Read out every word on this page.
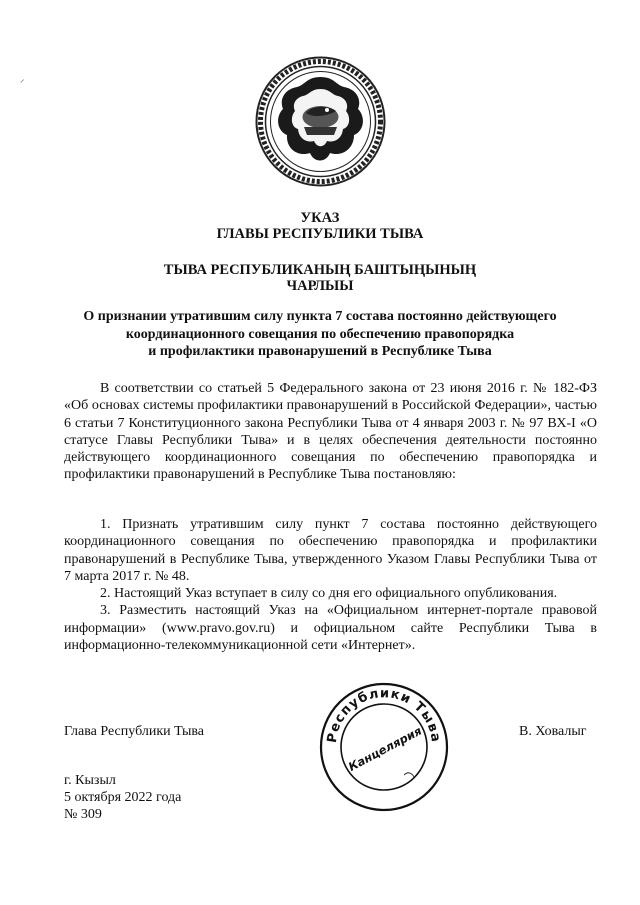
⸝
УКАЗ
ГЛАВЫ РЕСПУБЛИКИ ТЫВА
ТЫВА РЕСПУБЛИКАНЫҢ БАШТЫҢЫНЫҢ
ЧАРЛЫЫ
О признании утратившим силу пункта 7 состава постоянно действующего
координационного совещания по обеспечению правопорядка
и профилактики правонарушений в Республике Тыва

В соответствии со статьей 5 Федерального закона от 23 июня 2016 г. № 182-ФЗ «Об основах системы профилактики правонарушений в Российской Федерации», частью 6 статьи 7 Конституционного закона Республики Тыва от 4 января 2003 г. № 97 ВХ-I «О статусе Главы Республики Тыва» и в целях обеспечения деятельности постоянно действующего координационного совещания по обеспечению правопорядка и профилактики правонарушений в Республике Тыва постановляю:

1. Признать утратившим силу пункт 7 состава постоянно действующего координационного совещания по обеспечению правопорядка и профилактики правонарушений в Республике Тыва, утвержденного Указом Главы Республики Тыва от 7 марта 2017 г. № 48.

2. Настоящий Указ вступает в силу со дня его официального опубликования.

3. Разместить настоящий Указ на «Официальном интернет-портале правовой информации» (www.pravo.gov.ru) и официальном сайте Республики Тыва в информационно-телекоммуникационной сети «Интернет».

Глава Республики Тыва	Республики Тыва
Канцелярия	В. Ховалыг
г. Кызыл
5 октября 2022 года
№ 309
